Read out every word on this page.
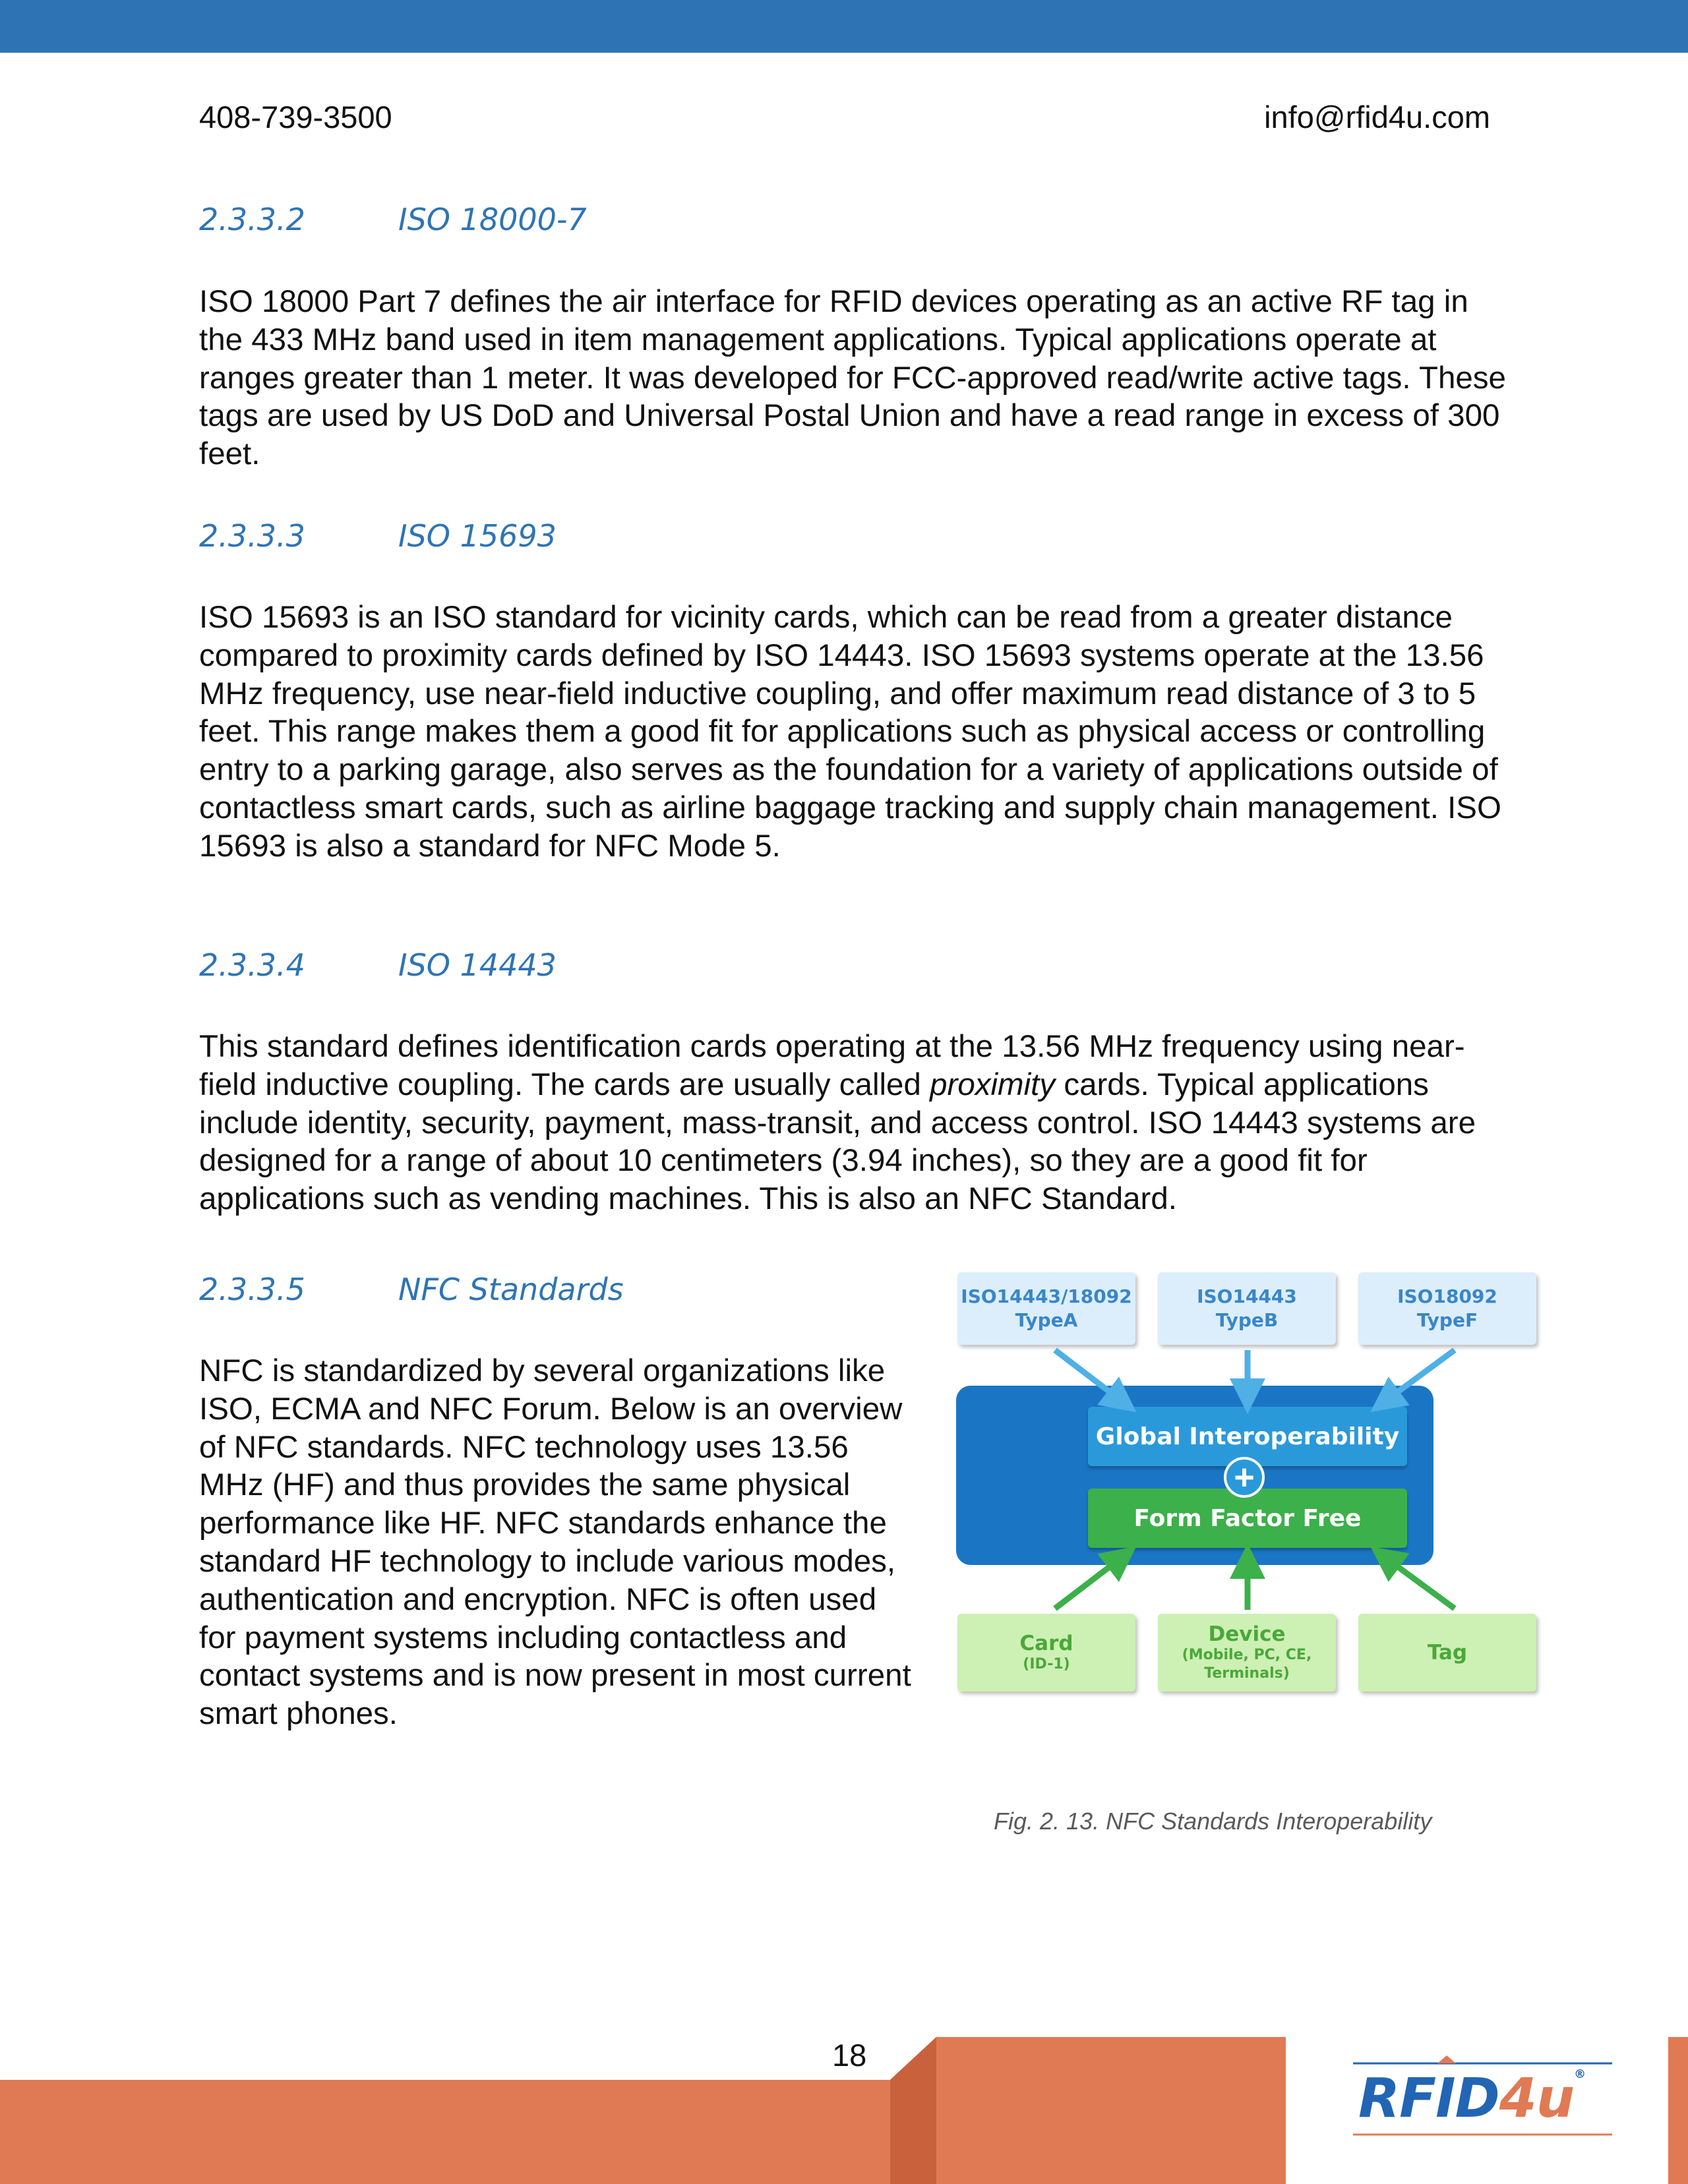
408-739-3500	info@rfid4u.com
2.3.3.2	ISO 18000-7
ISO 18000 Part 7 defines the air interface for RFID devices operating as an active RF tag in the 433 MHz band used in item management applications. Typical applications operate at ranges greater than 1 meter. It was developed for FCC-approved read/write active tags. These tags are used by US DoD and Universal Postal Union and have a read range in excess of 300 feet.
2.3.3.3	ISO 15693
ISO 15693 is an ISO standard for vicinity cards, which can be read from a greater distance compared to proximity cards defined by ISO 14443. ISO 15693 systems operate at the 13.56 MHz frequency, use near-field inductive coupling, and offer maximum read distance of 3 to 5 feet. This range makes them a good fit for applications such as physical access or controlling entry to a parking garage, also serves as the foundation for a variety of applications outside of contactless smart cards, such as airline baggage tracking and supply chain management. ISO 15693 is also a standard for NFC Mode 5.
2.3.3.4	ISO 14443
This standard defines identification cards operating at the 13.56 MHz frequency using near-field inductive coupling. The cards are usually called proximity cards. Typical applications include identity, security, payment, mass-transit, and access control. ISO 14443 systems are designed for a range of about 10 centimeters (3.94 inches), so they are a good fit for applications such as vending machines. This is also an NFC Standard.
2.3.3.5	NFC Standards
NFC is standardized by several organizations like ISO, ECMA and NFC Forum. Below is an overview of NFC standards. NFC technology uses 13.56 MHz (HF) and thus provides the same physical performance like HF. NFC standards enhance the standard HF technology to include various modes, authentication and encryption. NFC is often used for payment systems including contactless and contact systems and is now present in most current smart phones.
ISO14443/18092
TypeA
ISO14443
TypeB
ISO18092
TypeF
Global Interoperability
Form Factor Free
+
Card
(ID-1)
Device
(Mobile, PC, CE, Terminals)
Tag
Fig. 2. 13. NFC Standards Interoperability
18
RFID4u®
